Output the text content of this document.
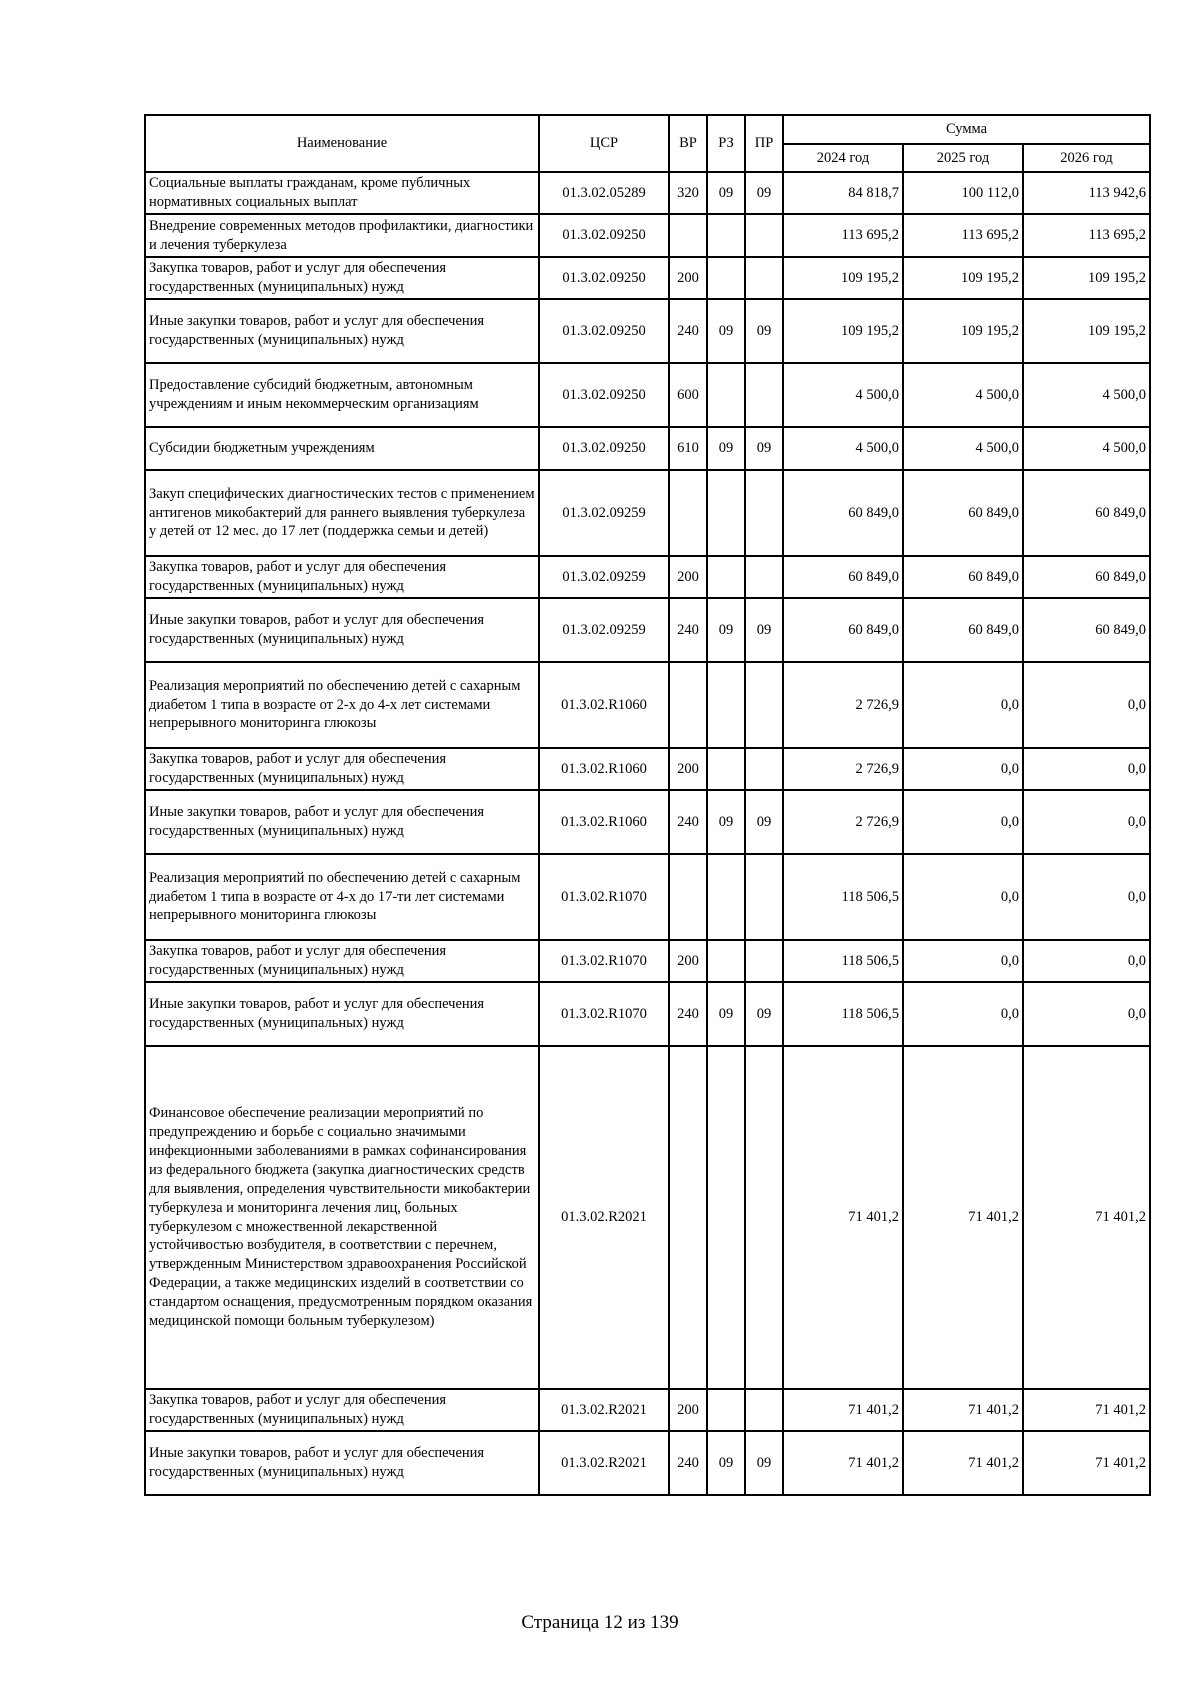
Наименование	ЦСР	ВР	РЗ	ПР	Сумма		
					2024 год	2025 год	2026 год
Социальные выплаты гражданам, кроме публичных нормативных социальных выплат	01.3.02.05289	320	09	09	84 818,7	100 112,0	113 942,6
Внедрение современных методов профилактики, диагностики и лечения туберкулеза	01.3.02.09250				113 695,2	113 695,2	113 695,2
Закупка товаров, работ и услуг для обеспечения государственных (муниципальных) нужд	01.3.02.09250	200			109 195,2	109 195,2	109 195,2
Иные закупки товаров, работ и услуг для обеспечения государственных (муниципальных) нужд	01.3.02.09250	240	09	09	109 195,2	109 195,2	109 195,2
Предоставление субсидий бюджетным, автономным учреждениям и иным некоммерческим организациям	01.3.02.09250	600			4 500,0	4 500,0	4 500,0
Субсидии бюджетным учреждениям	01.3.02.09250	610	09	09	4 500,0	4 500,0	4 500,0
Закуп специфических диагностических тестов с применением антигенов микобактерий для раннего выявления туберкулеза у детей от 12 мес. до 17 лет (поддержка семьи и детей)	01.3.02.09259				60 849,0	60 849,0	60 849,0
Закупка товаров, работ и услуг для обеспечения государственных (муниципальных) нужд	01.3.02.09259	200			60 849,0	60 849,0	60 849,0
Иные закупки товаров, работ и услуг для обеспечения государственных (муниципальных) нужд	01.3.02.09259	240	09	09	60 849,0	60 849,0	60 849,0
Реализация мероприятий по обеспечению детей с сахарным диабетом 1 типа в возрасте от 2-х до 4-х лет системами непрерывного мониторинга глюкозы	01.3.02.R1060				2 726,9	0,0	0,0
Закупка товаров, работ и услуг для обеспечения государственных (муниципальных) нужд	01.3.02.R1060	200			2 726,9	0,0	0,0
Иные закупки товаров, работ и услуг для обеспечения государственных (муниципальных) нужд	01.3.02.R1060	240	09	09	2 726,9	0,0	0,0
Реализация мероприятий по обеспечению детей с сахарным диабетом 1 типа в возрасте от 4-х до 17-ти лет системами непрерывного мониторинга глюкозы	01.3.02.R1070				118 506,5	0,0	0,0
Закупка товаров, работ и услуг для обеспечения государственных (муниципальных) нужд	01.3.02.R1070	200			118 506,5	0,0	0,0
Иные закупки товаров, работ и услуг для обеспечения государственных (муниципальных) нужд	01.3.02.R1070	240	09	09	118 506,5	0,0	0,0
Финансовое обеспечение реализации мероприятий по предупреждению и борьбе с социально значимыми инфекционными заболеваниями в рамках софинансирования из федерального бюджета (закупка диагностических средств для выявления, определения чувствительности микобактерии туберкулеза и мониторинга лечения лиц, больных туберкулезом с множественной лекарственной устойчивостью возбудителя, в соответствии с перечнем, утвержденным Министерством здравоохранения Российской Федерации, а также медицинских изделий в соответствии со стандартом оснащения, предусмотренным порядком оказания медицинской помощи больным туберкулезом)	01.3.02.R2021				71 401,2	71 401,2	71 401,2
Закупка товаров, работ и услуг для обеспечения государственных (муниципальных) нужд	01.3.02.R2021	200			71 401,2	71 401,2	71 401,2
Иные закупки товаров, работ и услуг для обеспечения государственных (муниципальных) нужд	01.3.02.R2021	240	09	09	71 401,2	71 401,2	71 401,2
Страница 12 из 139
